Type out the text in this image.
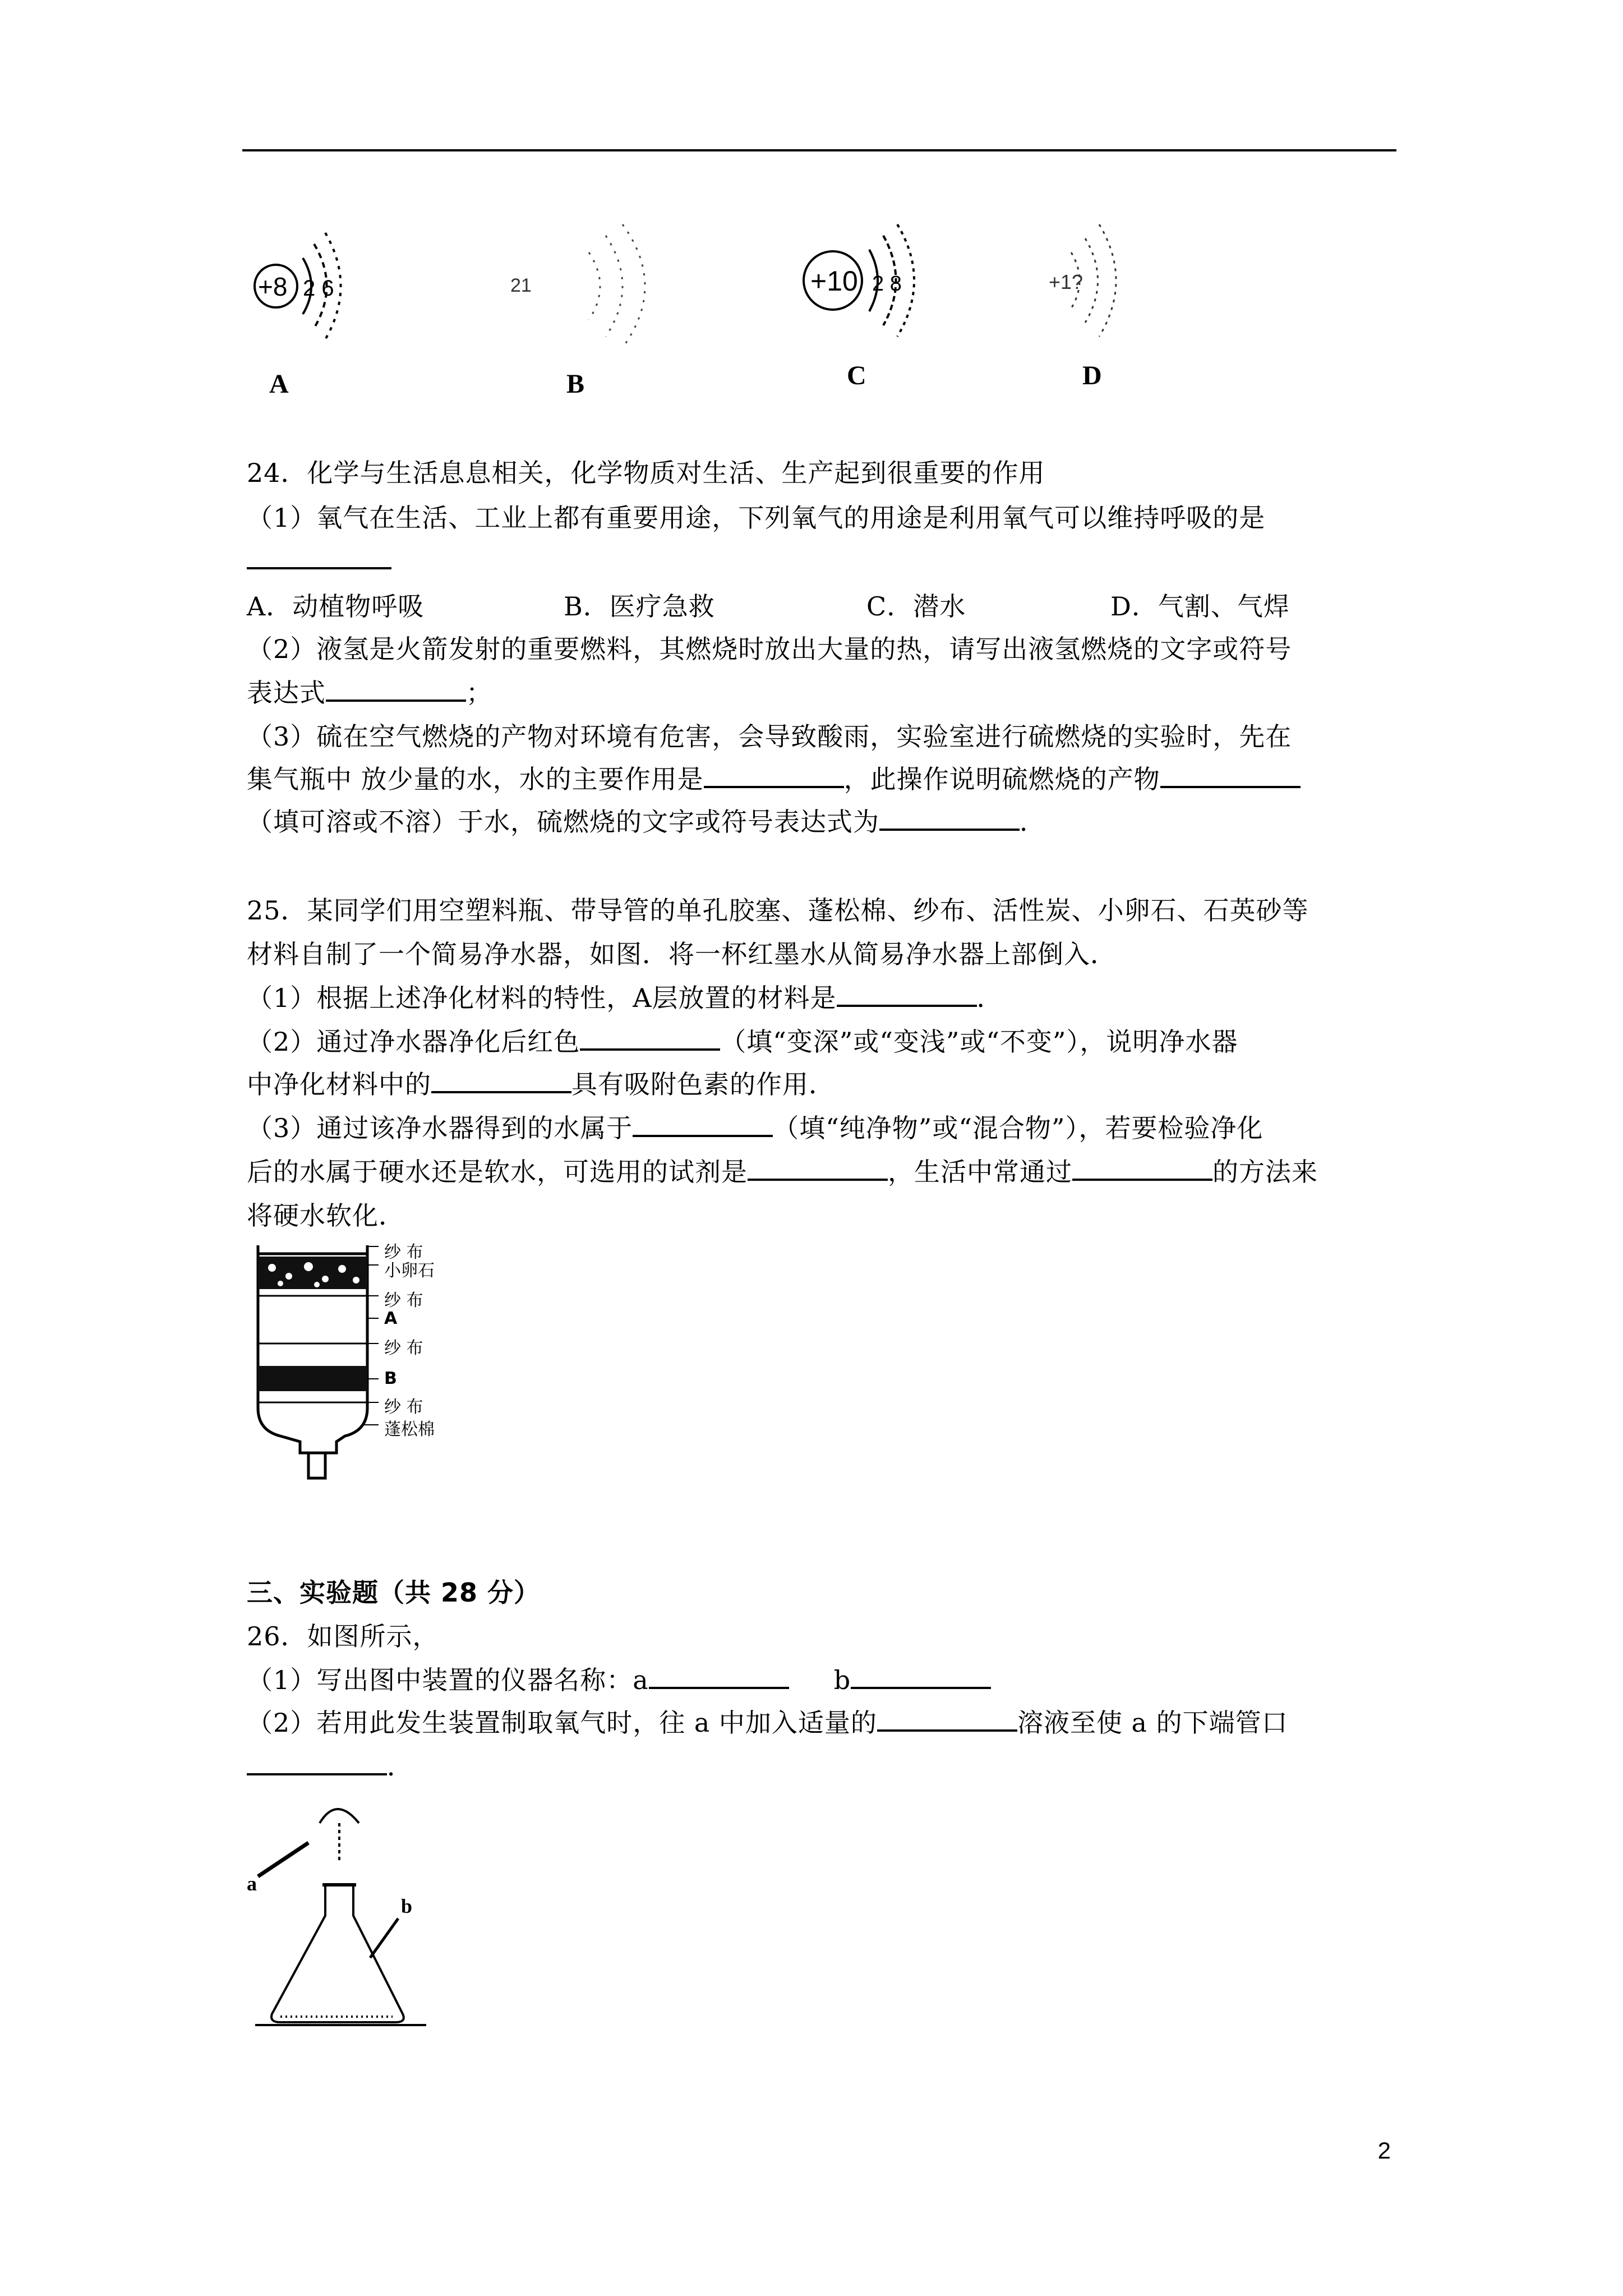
+8 2 6
A
21
B
+10 2 8
C
+1?
D
24．化学与生活息息相关，化学物质对生活、生产起到很重要的作用
（1）氧气在生活、工业上都有重要用途，下列氧气的用途是利用氧气可以维持呼吸的是
A．动植物呼吸	B．医疗急救	C．潜水	D．气割、气焊
（2）液氢是火箭发射的重要燃料，其燃烧时放出大量的热，请写出液氢燃烧的文字或符号
表达式	；
（3）硫在空气燃烧的产物对环境有危害，会导致酸雨，实验室进行硫燃烧的实验时，先在
集气瓶中 放少量的水，水的主要作用是	，此操作说明硫燃烧的产物
（填可溶或不溶）于水，硫燃烧的文字或符号表达式为	．
25．某同学们用空塑料瓶、带导管的单孔胶塞、蓬松棉、纱布、活性炭、小卵石、石英砂等
材料自制了一个简易净水器，如图．将一杯红墨水从简易净水器上部倒入．
（1）根据上述净化材料的特性，A层放置的材料是	．
（2）通过净水器净化后红色	（填“变深”或“变浅”或“不变”），说明净水器
中净化材料中的	具有吸附色素的作用．
（3）通过该净水器得到的水属于	（填“纯净物”或“混合物”），若要检验净化
后的水属于硬水还是软水，可选用的试剂是	，生活中常通过	的方法来
将硬水软化．
纱 布
小卵石
纱 布
A
纱 布
B
纱 布
蓬松棉
三、实验题（共 28 分）
26．如图所示，
（1）写出图中装置的仪器名称：a	b
（2）若用此发生装置制取氧气时，往 a 中加入适量的	溶液至使 a 的下端管口
．
a
b
2
